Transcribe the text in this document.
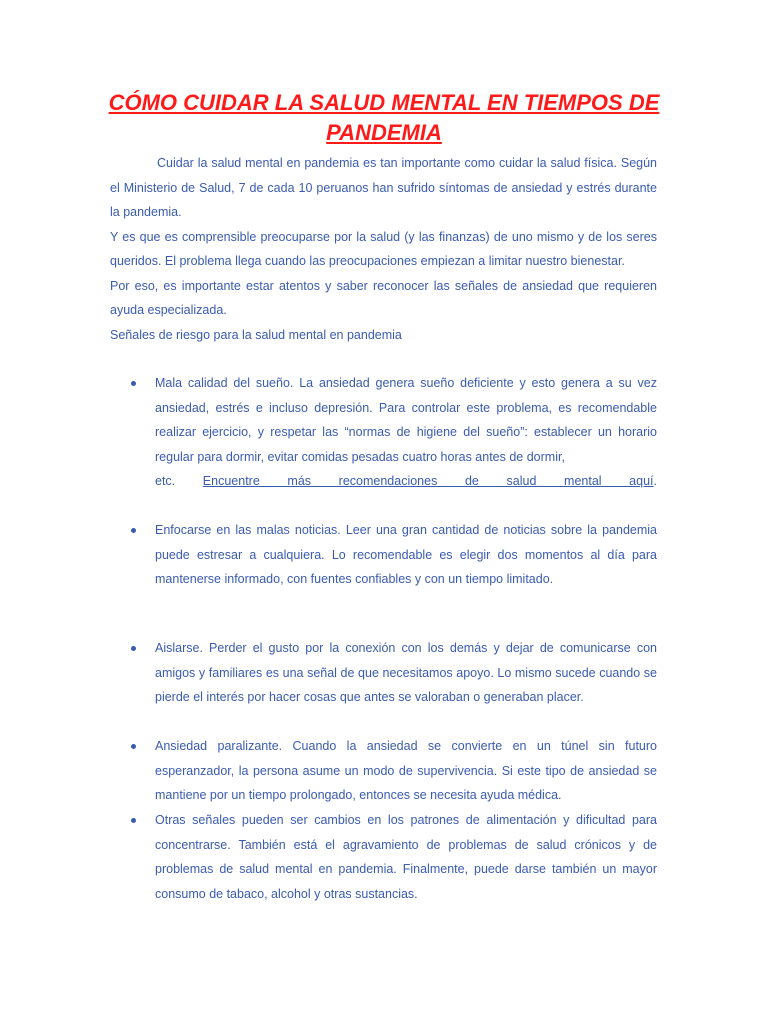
CÓMO CUIDAR LA SALUD MENTAL EN TIEMPOS DE PANDEMIA

Cuidar la salud mental en pandemia es tan importante como cuidar la salud física. Según el Ministerio de Salud, 7 de cada 10 peruanos han sufrido síntomas de ansiedad y estrés durante la pandemia.

Y es que es comprensible preocuparse por la salud (y las finanzas) de uno mismo y de los seres queridos. El problema llega cuando las preocupaciones empiezan a limitar nuestro bienestar.

Por eso, es importante estar atentos y saber reconocer las señales de ansiedad que requieren ayuda especializada.

Señales de riesgo para la salud mental en pandemia

Mala calidad del sueño. La ansiedad genera sueño deficiente y esto genera a su vez ansiedad, estrés e incluso depresión. Para controlar este problema, es recomendable realizar ejercicio, y respetar las “normas de higiene del sueño”: establecer un horario regular para dormir, evitar comidas pesadas cuatro horas antes de dormir,
etc. Encuentre más recomendaciones de salud mental aquí.
Enfocarse en las malas noticias. Leer una gran cantidad de noticias sobre la pandemia puede estresar a cualquiera. Lo recomendable es elegir dos momentos al día para mantenerse informado, con fuentes confiables y con un tiempo limitado.
Aislarse. Perder el gusto por la conexión con los demás y dejar de comunicarse con amigos y familiares es una señal de que necesitamos apoyo. Lo mismo sucede cuando se pierde el interés por hacer cosas que antes se valoraban o generaban placer.
Ansiedad paralizante. Cuando la ansiedad se convierte en un túnel sin futuro esperanzador, la persona asume un modo de supervivencia. Si este tipo de ansiedad se mantiene por un tiempo prolongado, entonces se necesita ayuda médica.
Otras señales pueden ser cambios en los patrones de alimentación y dificultad para concentrarse. También está el agravamiento de problemas de salud crónicos y de problemas de salud mental en pandemia. Finalmente, puede darse también un mayor consumo de tabaco, alcohol y otras sustancias.
